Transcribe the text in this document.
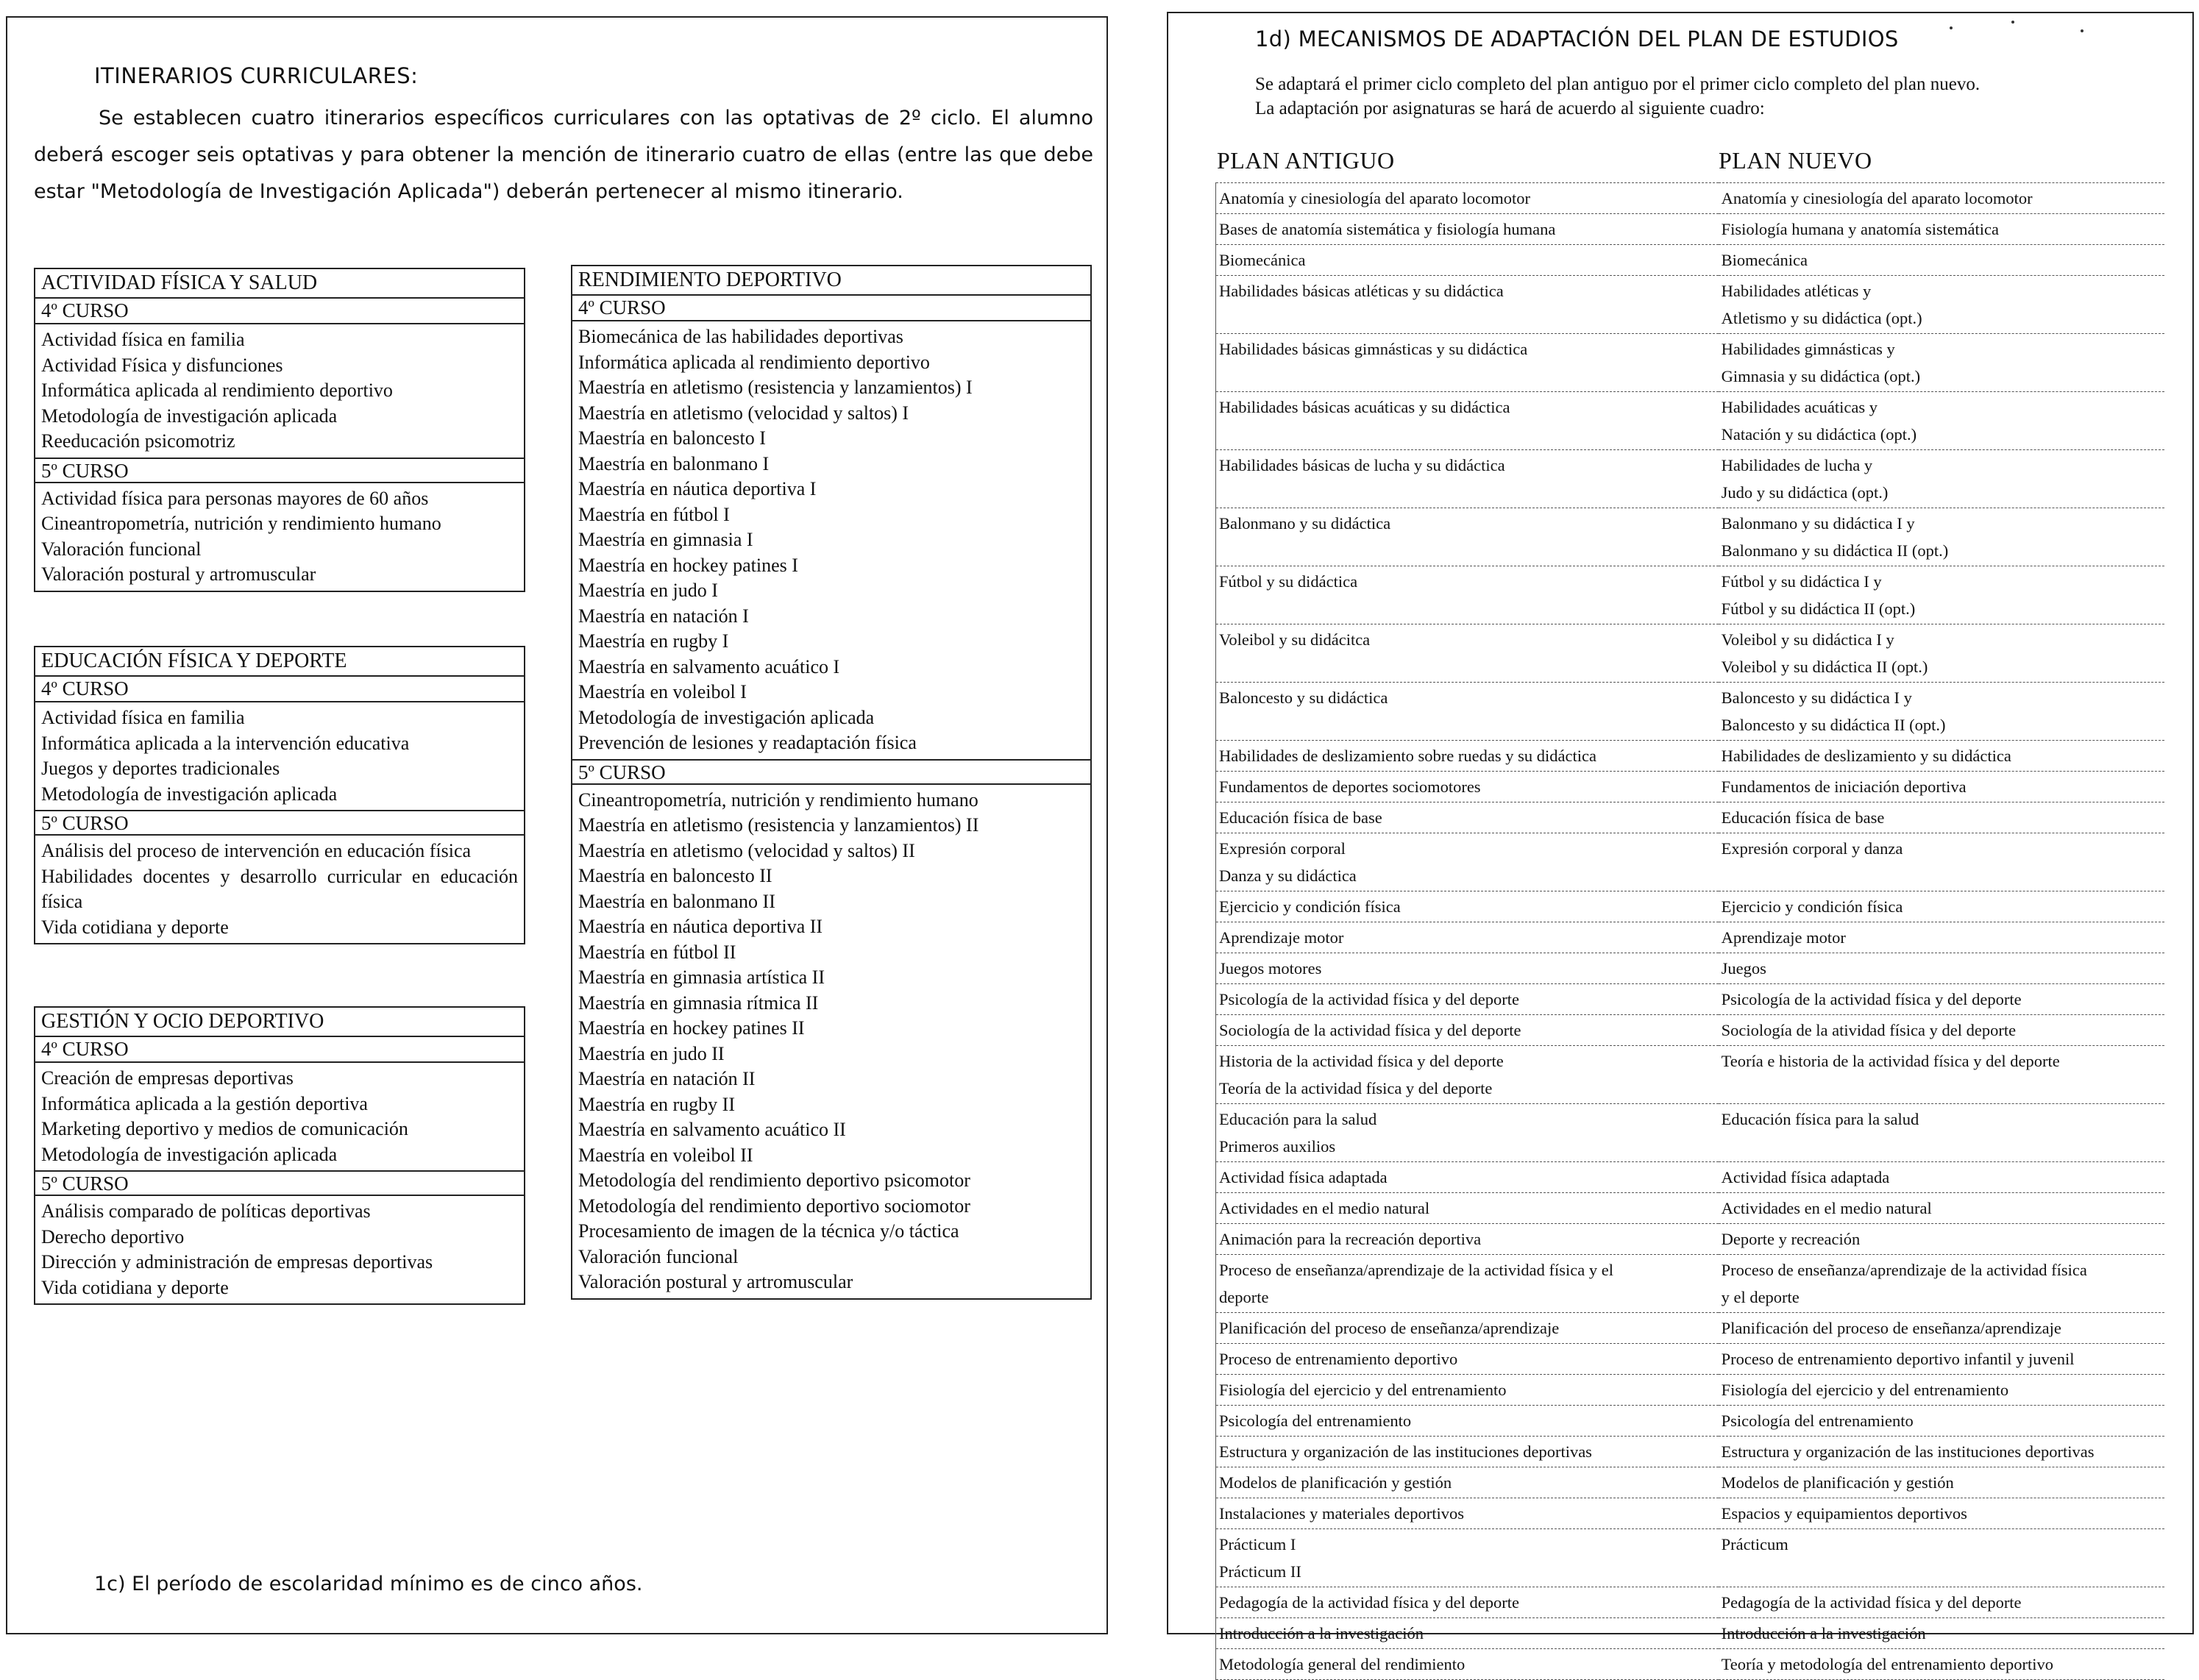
ITINERARIOS CURRICULARES:

Se establecen cuatro itinerarios específicos curriculares con las optativas de 2º ciclo. El alumno deberá escoger seis optativas y para obtener la mención de itinerario cuatro de ellas (entre las que debe estar "Metodología de Investigación Aplicada") deberán pertenecer al mismo itinerario.

ACTIVIDAD FÍSICA Y SALUD
4º CURSO
Actividad física en familia
Actividad Física y disfunciones
Informática aplicada al rendimiento deportivo
Metodología de investigación aplicada
Reeducación psicomotriz
5º CURSO
Actividad física para personas mayores de 60 años
Cineantropometría, nutrición y rendimiento humano
Valoración funcional
Valoración postural y artromuscular
EDUCACIÓN FÍSICA Y DEPORTE
4º CURSO
Actividad física en familia
Informática aplicada a la intervención educativa
Juegos y deportes tradicionales
Metodología de investigación aplicada
5º CURSO
Análisis del proceso de intervención en educación física
Habilidades docentes y desarrollo curricular en educación física
Vida cotidiana y deporte
GESTIÓN Y OCIO DEPORTIVO
4º CURSO
Creación de empresas deportivas
Informática aplicada a la gestión deportiva
Marketing deportivo y medios de comunicación
Metodología de investigación aplicada
5º CURSO
Análisis comparado de políticas deportivas
Derecho deportivo
Dirección y administración de empresas deportivas
Vida cotidiana y deporte
RENDIMIENTO DEPORTIVO
4º CURSO
Biomecánica de las habilidades deportivas
Informática aplicada al rendimiento deportivo
Maestría en atletismo (resistencia y lanzamientos) I
Maestría en atletismo (velocidad y saltos) I
Maestría en baloncesto I
Maestría en balonmano I
Maestría en náutica deportiva I
Maestría en fútbol I
Maestría en gimnasia I
Maestría en hockey patines I
Maestría en judo I
Maestría en natación I
Maestría en rugby I
Maestría en salvamento acuático I
Maestría en voleibol I
Metodología de investigación aplicada
Prevención de lesiones y readaptación física
5º CURSO
Cineantropometría, nutrición y rendimiento humano
Maestría en atletismo (resistencia y lanzamientos) II
Maestría en atletismo (velocidad y saltos) II
Maestría en baloncesto II
Maestría en balonmano II
Maestría en náutica deportiva II
Maestría en fútbol II
Maestría en gimnasia artística II
Maestría en gimnasia rítmica II
Maestría en hockey patines II
Maestría en judo II
Maestría en natación II
Maestría en rugby II
Maestría en salvamento acuático II
Maestría en voleibol II
Metodología del rendimiento deportivo psicomotor
Metodología del rendimiento deportivo sociomotor
Procesamiento de imagen de la técnica y/o táctica
Valoración funcional
Valoración postural y artromuscular
1c) El período de escolaridad mínimo es de cinco años.
1d) MECANISMOS DE ADAPTACIÓN DEL PLAN DE ESTUDIOS
Se adaptará el primer ciclo completo del plan antiguo por el primer ciclo completo del plan nuevo.
La adaptación por asignaturas se hará de acuerdo al siguiente cuadro:
PLAN ANTIGUO	PLAN NUEVO
Anatomía y cinesiología del aparato locomotor	Anatomía y cinesiología del aparato locomotor

Bases de anatomía sistemática y fisiología humana	Fisiología humana y anatomía sistemática

Biomecánica	Biomecánica

Habilidades básicas atléticas y su didáctica	Habilidades atléticas y
Atletismo y su didáctica (opt.)

Habilidades básicas gimnásticas y su didáctica	Habilidades gimnásticas y
Gimnasia y su didáctica (opt.)

Habilidades básicas acuáticas y su didáctica	Habilidades acuáticas y
Natación y su didáctica (opt.)

Habilidades básicas de lucha y su didáctica	Habilidades de lucha y
Judo y su didáctica (opt.)

Balonmano y su didáctica	Balonmano y su didáctica I y
Balonmano y su didáctica II (opt.)

Fútbol y su didáctica	Fútbol y su didáctica I y
Fútbol y su didáctica II (opt.)

Voleibol y su didácitca	Voleibol y su didáctica I y
Voleibol y su didáctica II (opt.)

Baloncesto y su didáctica	Baloncesto y su didáctica I y
Baloncesto y su didáctica II (opt.)

Habilidades de deslizamiento sobre ruedas y su didáctica	Habilidades de deslizamiento y su didáctica

Fundamentos de deportes sociomotores	Fundamentos de iniciación deportiva

Educación física de base	Educación física de base

Expresión corporal
Danza y su didáctica	Expresión corporal y danza

Ejercicio y condición física	Ejercicio y condición física

Aprendizaje motor	Aprendizaje motor

Juegos motores	Juegos

Psicología de la actividad física y del deporte	Psicología de la actividad física y del deporte

Sociología de la actividad física y del deporte	Sociología de la atividad física y del deporte

Historia de la actividad física y del deporte
Teoría de la actividad física y del deporte	Teoría e historia de la actividad física y del deporte

Educación para la salud
Primeros auxilios	Educación física para la salud

Actividad física adaptada	Actividad física adaptada

Actividades en el medio natural	Actividades en el medio natural

Animación para la recreación deportiva	Deporte y recreación

Proceso de enseñanza/aprendizaje de la actividad física y el
deporte	Proceso de enseñanza/aprendizaje de la actividad física
y el deporte

Planificación del proceso de enseñanza/aprendizaje	Planificación del proceso de enseñanza/aprendizaje

Proceso de entrenamiento deportivo	Proceso de entrenamiento deportivo infantil y juvenil

Fisiología del ejercicio y del entrenamiento	Fisiología del ejercicio y del entrenamiento

Psicología del entrenamiento	Psicología del entrenamiento

Estructura y organización de las instituciones deportivas	Estructura y organización de las instituciones deportivas

Modelos de planificación y gestión	Modelos de planificación y gestión

Instalaciones y materiales deportivos	Espacios y equipamientos deportivos

Prácticum I
Prácticum II	Prácticum

Pedagogía de la actividad física y del deporte	Pedagogía de la actividad física y del deporte

Introducción a la investigación	Introducción a la investigación

Metodología general del rendimiento	Teoría y metodología del entrenamiento deportivo
